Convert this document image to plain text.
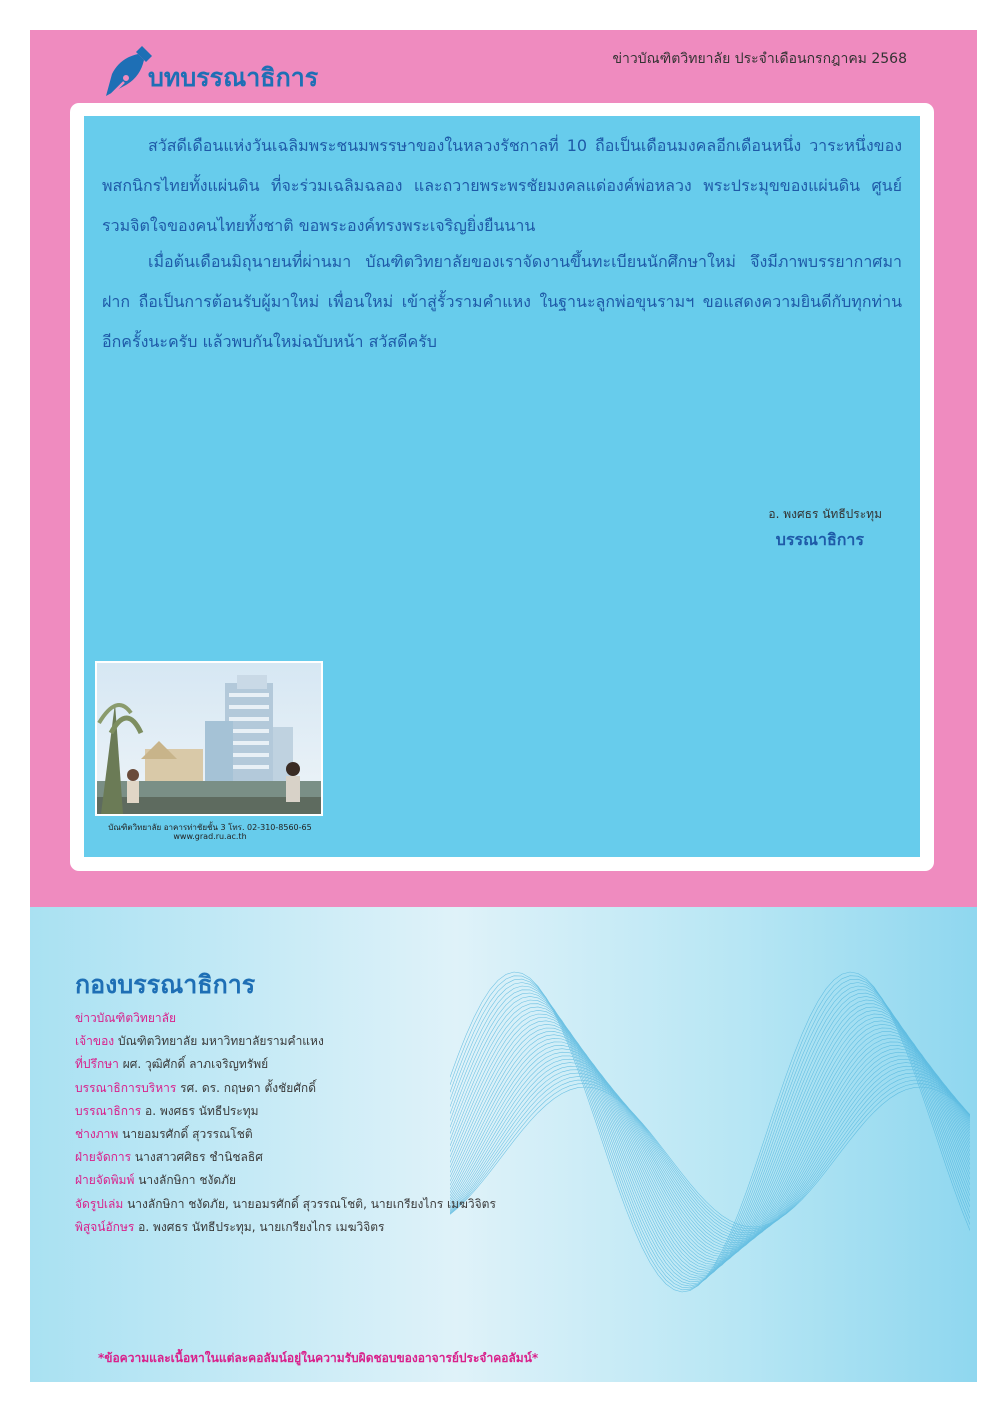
บทบรรณาธิการ
ข่าวบัณฑิตวิทยาลัย ประจำเดือนกรกฎาคม 2568
สวัสดีเดือนแห่งวันเฉลิมพระชนมพรรษาของในหลวงรัชกาลที่ 10 ถือเป็นเดือนมงคลอีกเดือนหนึ่ง วาระหนึ่งของพสกนิกรไทยทั้งแผ่นดิน ที่จะร่วมเฉลิมฉลอง และถวายพระพรชัยมงคลแด่องค์พ่อหลวง พระประมุขของแผ่นดิน ศูนย์รวมจิตใจของคนไทยทั้งชาติ ขอพระองค์ทรงพระเจริญยิ่งยืนนาน
เมื่อต้นเดือนมิถุนายนที่ผ่านมา บัณฑิตวิทยาลัยของเราจัดงานขึ้นทะเบียนนักศึกษาใหม่ จึงมีภาพบรรยากาศมาฝาก ถือเป็นการต้อนรับผู้มาใหม่ เพื่อนใหม่ เข้าสู่รั้วรามคำแหง ในฐานะลูกพ่อขุนรามฯ ขอแสดงความยินดีกับทุกท่านอีกครั้งนะครับ แล้วพบกันใหม่ฉบับหน้า สวัสดีครับ
อ. พงศธร นัทธีประทุม
บรรณาธิการ
บัณฑิตวิทยาลัย อาคารท่าชัยชั้น 3 โทร. 02-310-8560-65
www.grad.ru.ac.th
กองบรรณาธิการ
ข่าวบัณฑิตวิทยาลัย
เจ้าของ บัณฑิตวิทยาลัย มหาวิทยาลัยรามคำแหง
ที่ปรึกษา ผศ. วุฒิศักดิ์ ลาภเจริญทรัพย์
บรรณาธิการบริหาร รศ. ดร. กฤษดา ตั้งชัยศักดิ์
บรรณาธิการ อ. พงศธร นัทธีประทุม
ช่างภาพ นายอมรศักดิ์ สุวรรณโชติ
ฝ่ายจัดการ นางสาวศศิธร ชำนิชลธิศ
ฝ่ายจัดพิมพ์ นางลักษิกา ชงัดภัย
จัดรูปเล่ม นางลักษิกา ชงัดภัย, นายอมรศักดิ์ สุวรรณโชติ, นายเกรียงไกร เมฆวิจิตร
พิสูจน์อักษร อ. พงศธร นัทธีประทุม, นายเกรียงไกร เมฆวิจิตร
*ข้อความและเนื้อหาในแต่ละคอลัมน์อยู่ในความรับผิดชอบของอาจารย์ประจำคอลัมน์*
